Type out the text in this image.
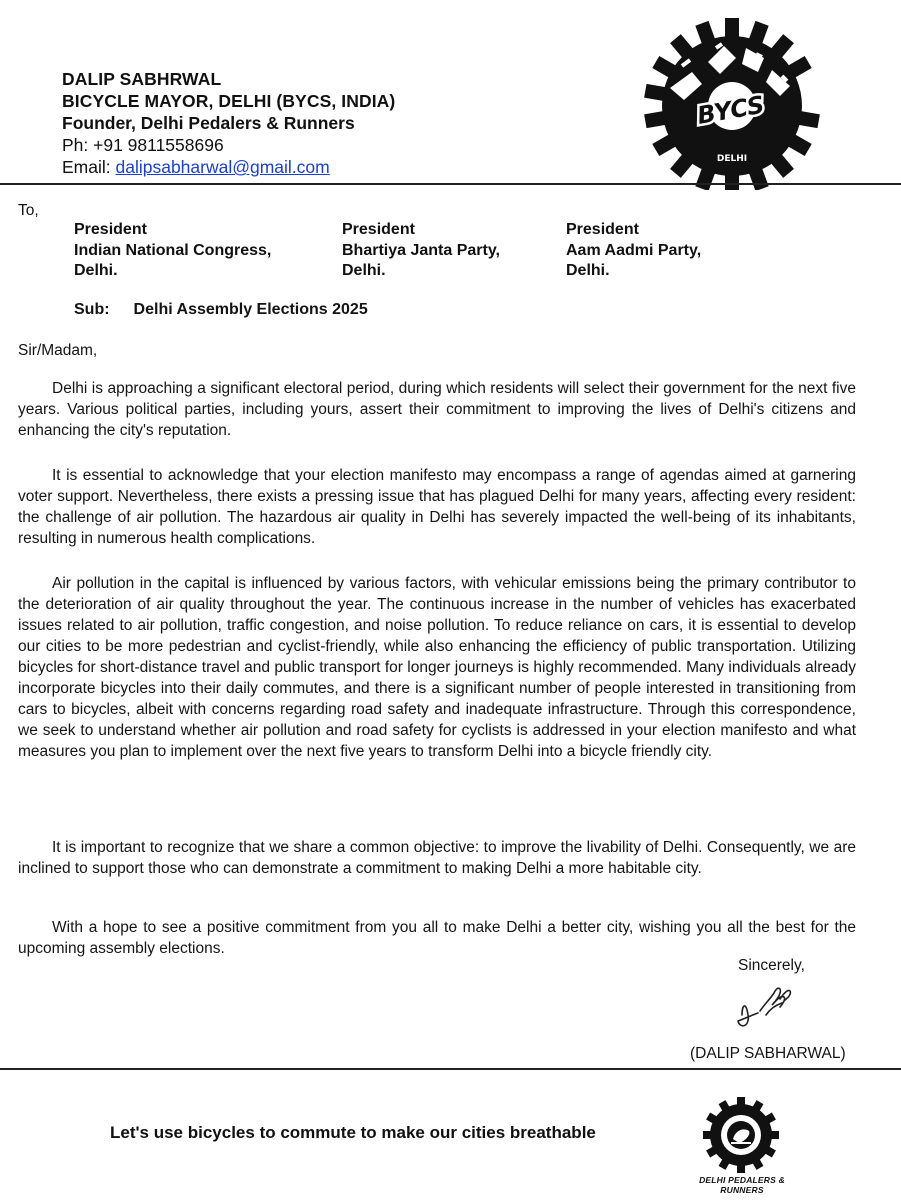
DALIP SABHRWAL
BICYCLE MAYOR, DELHI (BYCS, INDIA)
Founder, Delhi Pedalers & Runners
Ph: +91 9811558696
Email: dalipsabharwal@gmail.com
BYCS
DELHI
To,
President
Indian National Congress,
Delhi.
President
Bhartiya Janta Party,
Delhi.
President
Aam Aadmi Party,
Delhi.
Sub: Delhi Assembly Elections 2025
Sir/Madam,

Delhi is approaching a significant electoral period, during which residents will select their government for the next five years. Various political parties, including yours, assert their commitment to improving the lives of Delhi's citizens and enhancing the city's reputation.

It is essential to acknowledge that your election manifesto may encompass a range of agendas aimed at garnering voter support. Nevertheless, there exists a pressing issue that has plagued Delhi for many years, affecting every resident: the challenge of air pollution. The hazardous air quality in Delhi has severely impacted the well-being of its inhabitants, resulting in numerous health complications.

Air pollution in the capital is influenced by various factors, with vehicular emissions being the primary contributor to the deterioration of air quality throughout the year. The continuous increase in the number of vehicles has exacerbated issues related to air pollution, traffic congestion, and noise pollution. To reduce reliance on cars, it is essential to develop our cities to be more pedestrian and cyclist-friendly, while also enhancing the efficiency of public transportation. Utilizing bicycles for short-distance travel and public transport for longer journeys is highly recommended. Many individuals already incorporate bicycles into their daily commutes, and there is a significant number of people interested in transitioning from cars to bicycles, albeit with concerns regarding road safety and inadequate infrastructure. Through this correspondence, we seek to understand whether air pollution and road safety for cyclists is addressed in your election manifesto and what measures you plan to implement over the next five years to transform Delhi into a bicycle friendly city.

It is important to recognize that we share a common objective: to improve the livability of Delhi. Consequently, we are inclined to support those who can demonstrate a commitment to making Delhi a more habitable city.

With a hope to see a positive commitment from you all to make Delhi a better city, wishing you all the best for the upcoming assembly elections.

Sincerely,
(DALIP SABHARWAL)
Let's use bicycles to commute to make our cities breathable
DELHI PEDALERS & RUNNERS
